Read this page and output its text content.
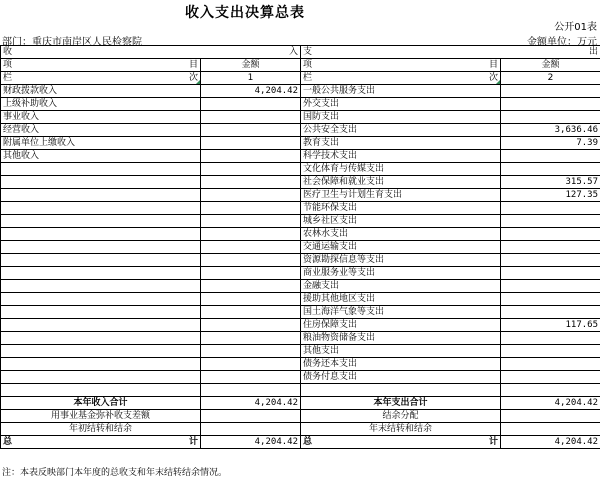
收入支出决算总表
公开01表
部门：重庆市南岸区人民检察院	金额单位：万元
收 入		支 出	

项 目	金额	项 目	金额

栏 次	1	栏 次	2
财政拨款收入	4,204.42	一般公共服务支出	
上级补助收入		外交支出	
事业收入		国防支出	
经营收入		公共安全支出	3,636.46
附属单位上缴收入		教育支出	7.39
其他收入		科学技术支出	
		文化体育与传媒支出	
		社会保障和就业支出	315.57
		医疗卫生与计划生育支出	127.35
		节能环保支出	
		城乡社区支出	
		农林水支出	
		交通运输支出	
		资源勘探信息等支出	
		商业服务业等支出	
		金融支出	
		援助其他地区支出	
		国土海洋气象等支出	
		住房保障支出	117.65
		粮油物资储备支出	
		其他支出	
		债务还本支出	
		债务付息支出	

本年收入合计	4,204.42	本年支出合计	4,204.42
用事业基金弥补收支差额		结余分配	
年初结转和结余		年末结转和结余	

总 计	4,204.42	总 计	4,204.42
注：本表反映部门本年度的总收支和年末结转结余情况。
